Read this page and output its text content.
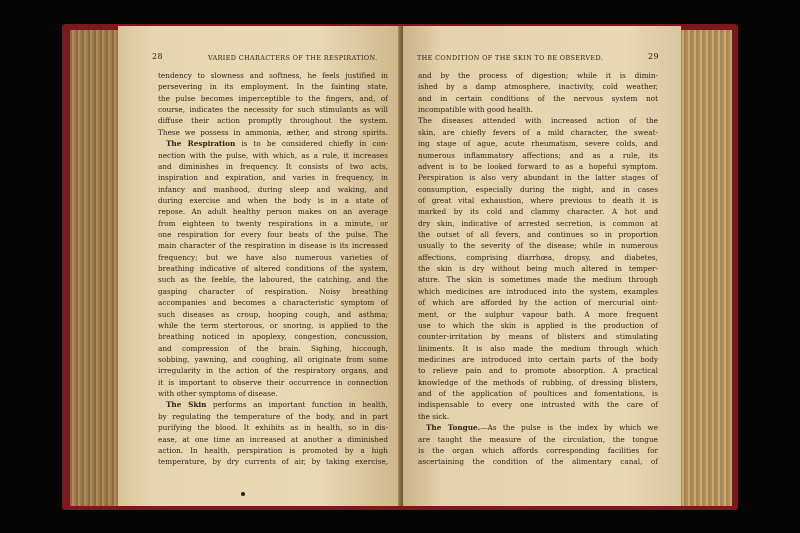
28	VARIED CHARACTERS OF THE RESPIRATION.
tendency to slowness and softness, he feels justified in
persevering in its employment. In the fainting state,
the pulse becomes imperceptible to the fingers, and, of
course, indicates the necessity for such stimulants as will
diffuse their action promptly throughout the system.
These we possess in ammonia, æther, and strong spirits.
The Respiration is to be considered chiefly in con-
nection with the pulse, with which, as a rule, it increases
and diminishes in frequency. It consists of two acts,
inspiration and expiration, and varies in frequency, in
infancy and manhood, during sleep and waking, and
during exercise and when the body is in a state of
repose. An adult healthy person makes on an average
from eighteen to twenty respirations in a minute, or
one respiration for every four beats of the pulse. The
main character of the respiration in disease is its increased
frequency; but we have also numerous varieties of
breathing indicative of altered conditions of the system,
such as the feeble, the laboured, the catching, and the
gasping character of respiration. Noisy breathing
accompanies and becomes a characteristic symptom of
such diseases as croup, hooping cough, and asthma;
while the term stertorous, or snoring, is applied to the
breathing noticed in apoplexy, congestion, concussion,
and compression of the brain. Sighing, hiccough,
sobbing, yawning, and coughing, all originate from some
irregularity in the action of the respiratory organs, and
it is important to observe their occurrence in connection
with other symptoms of disease.
The Skin performs an important function in health,
by regulating the temperature of the body, and in part
purifying the blood. It exhibits as in health, so in dis-
ease, at one time an increased at another a diminished
action. In health, perspiration is promoted by a high
temperature, by dry currents of air, by taking exercise,
THE CONDITION OF THE SKIN TO BE OBSERVED.	29
and by the process of digestion; while it is dimin-
ished by a damp atmosphere, inactivity, cold weather,
and in certain conditions of the nervous system not
incompatible with good health.
The diseases attended with increased action of the
skin, are chiefly fevers of a mild character, the sweat-
ing stage of ague, acute rheumatism, severe colds, and
numerous inflammatory affections; and as a rule, its
advent is to be looked forward to as a hopeful symptom.
Perspiration is also very abundant in the latter stages of
consumption, especially during the night, and in cases
of great vital exhaustion, where previous to death it is
marked by its cold and clammy character. A hot and
dry skin, indicative of arrested secretion, is common at
the outset of all fevers, and continues so in proportion
usually to the severity of the disease; while in numerous
affections, comprising diarrhœa, dropsy, and diabetes,
the skin is dry without being much altered in temper-
ature. The skin is sometimes made the medium through
which medicines are introduced into the system, examples
of which are afforded by the action of mercurial oint-
ment, or the sulphur vapour bath. A more frequent
use to which the skin is applied is the production of
counter-irritation by means of blisters and stimulating
liniments. It is also made the medium through which
medicines are introduced into certain parts of the body
to relieve pain and to promote absorption. A practical
knowledge of the methods of rubbing, of dressing blisters,
and of the application of poultices and fomentations, is
indispensable to every one intrusted with the care of
the sick.
The Tongue.—As the pulse is the index by which we
are taught the measure of the circulation, the tongue
is the organ which affords corresponding facilities for
ascertaining the condition of the alimentary canal, of
